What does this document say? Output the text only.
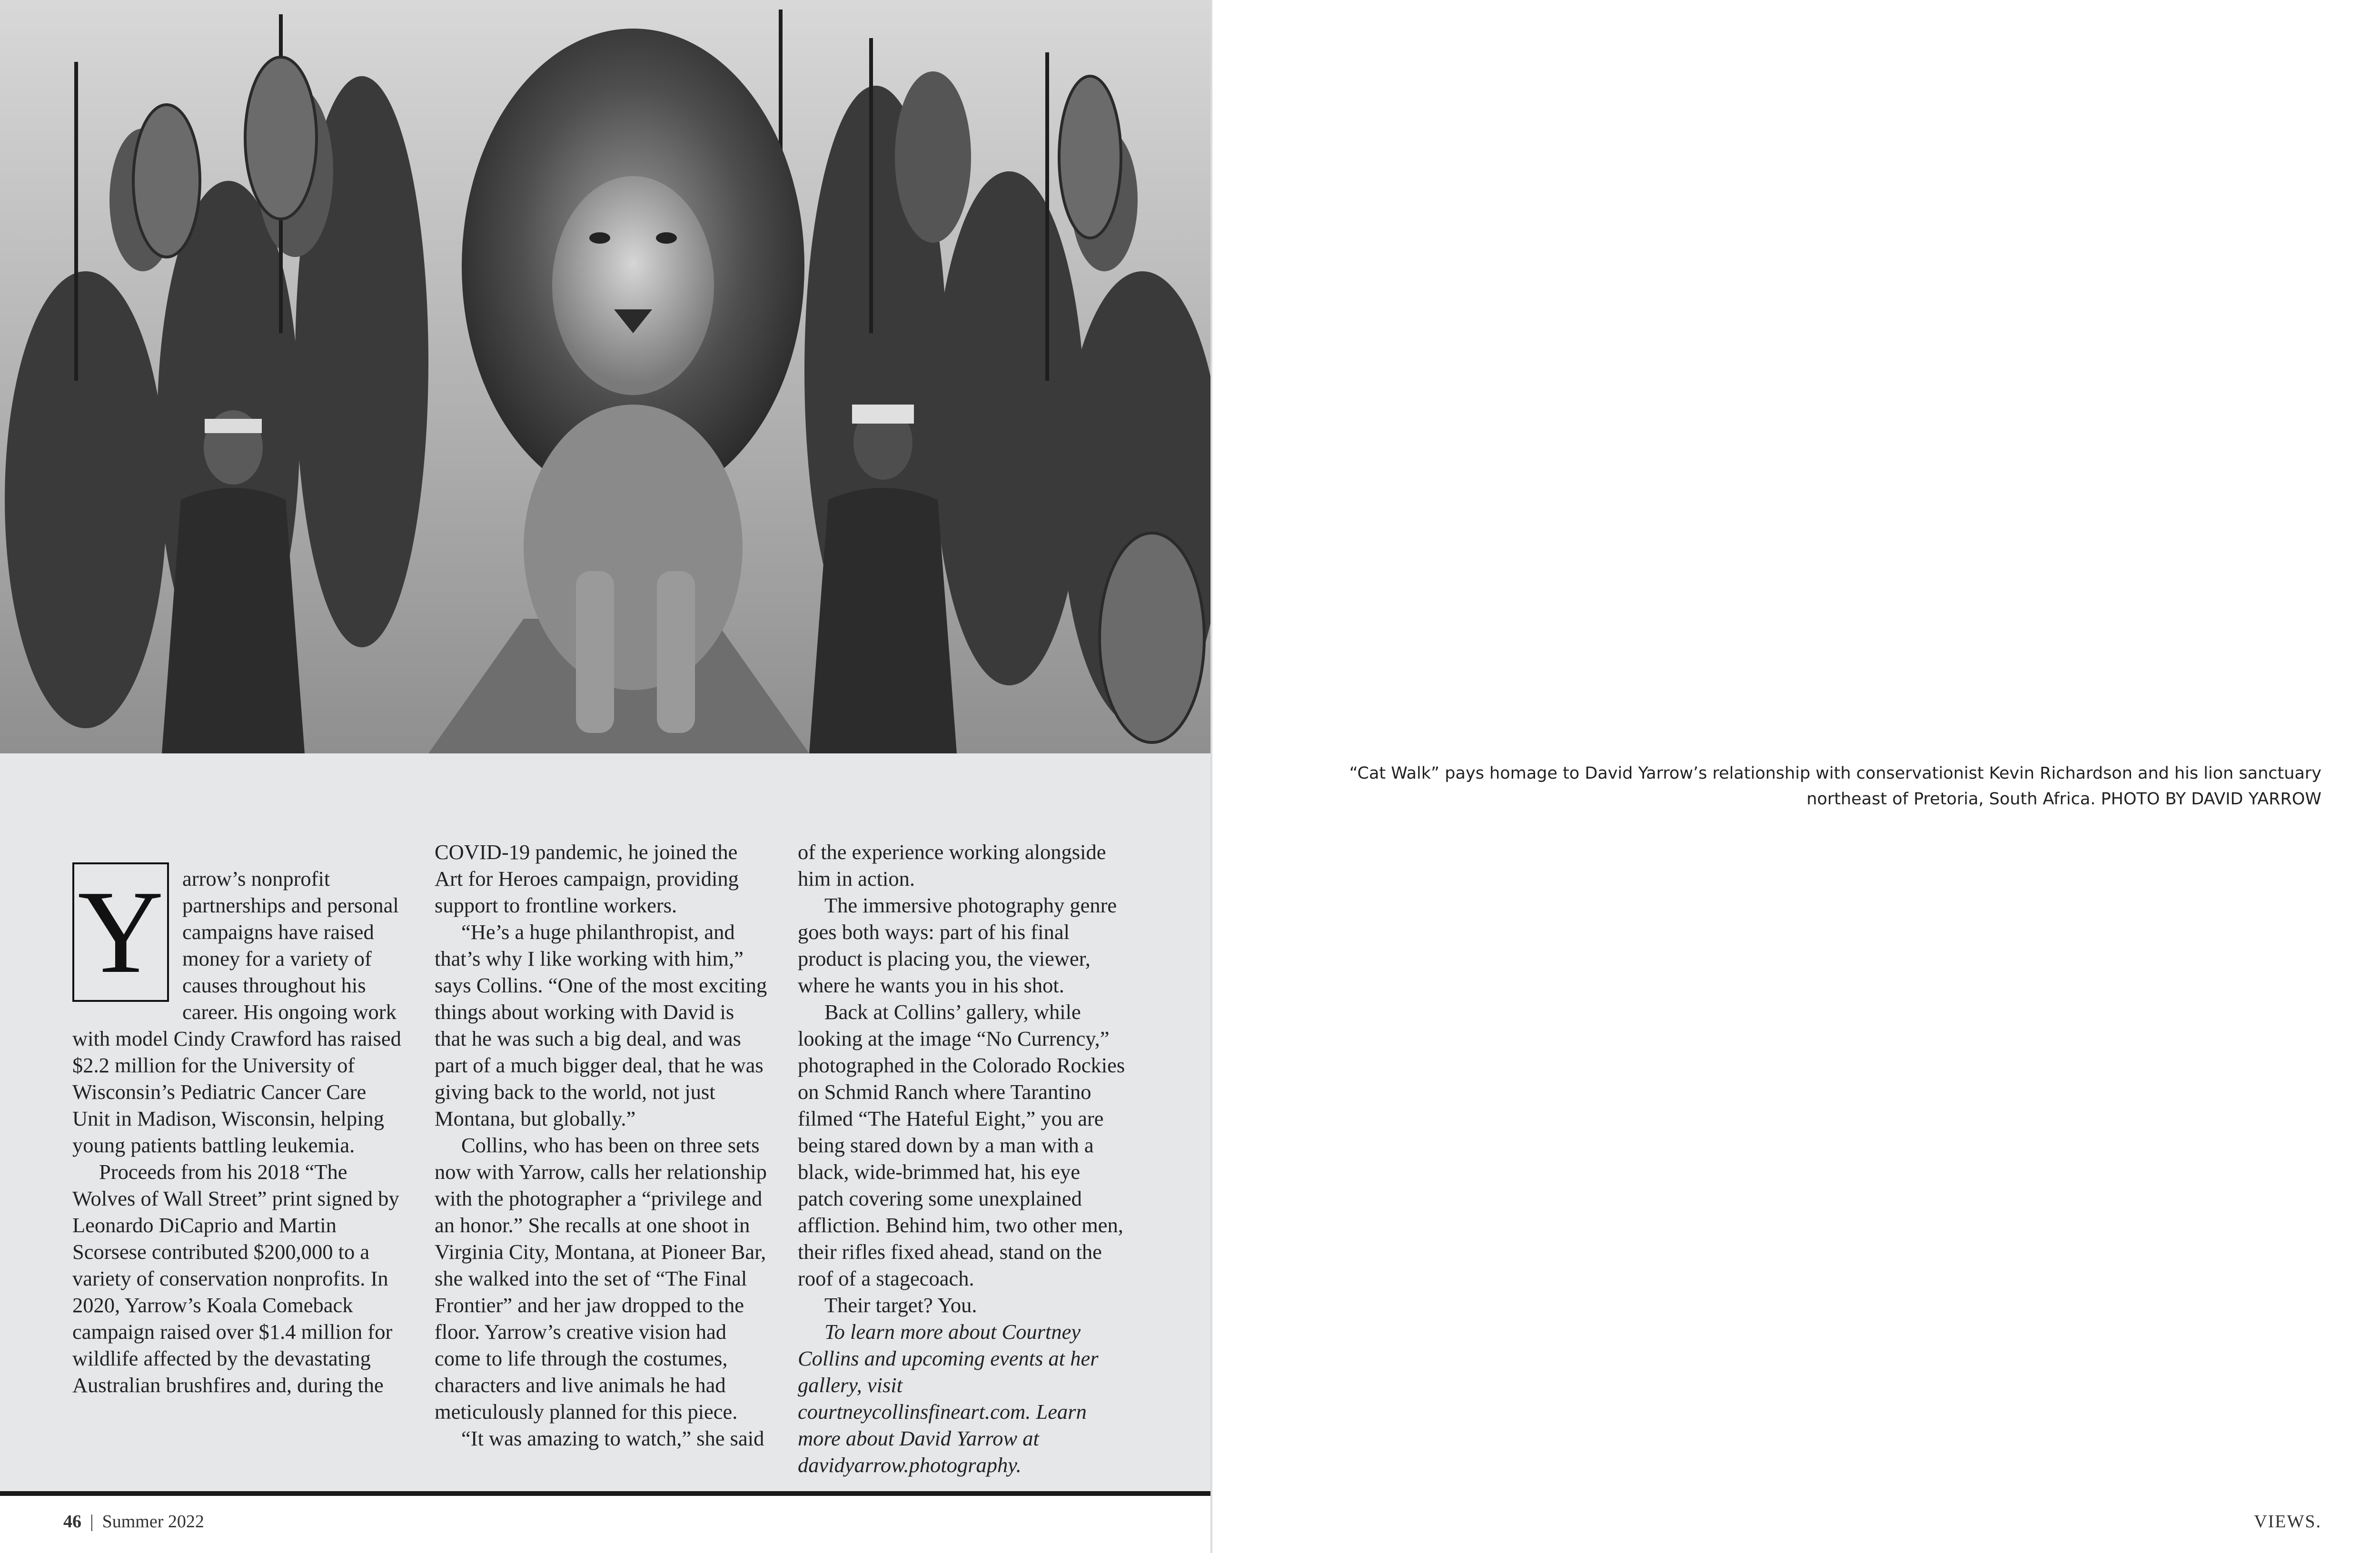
“Cat Walk” pays homage to David Yarrow’s relationship with conservationist Kevin Richardson and his lion sanctuary northeast of Pretoria, South Africa. PHOTO BY DAVID YARROW
Y arrow’s nonprofit partnerships and personal campaigns have raised money for a variety of causes throughout his career. His ongoing work with model Cindy Crawford has raised $2.2 million for the University of Wisconsin’s Pediatric Cancer Care Unit in Madison, Wisconsin, helping young patients battling leukemia.

Proceeds from his 2018 “The Wolves of Wall Street” print signed by Leonardo DiCaprio and Martin Scorsese contributed $200,000 to a variety of conservation nonprofits. In 2020, Yarrow’s Koala Comeback campaign raised over $1.4 million for wildlife affected by the devastating Australian brushfires and, during the

COVID-19 pandemic, he joined the Art for Heroes campaign, providing support to frontline workers.

“He’s a huge philanthropist, and that’s why I like working with him,” says Collins. “One of the most exciting things about working with David is that he was such a big deal, and was part of a much bigger deal, that he was giving back to the world, not just Montana, but globally.”

Collins, who has been on three sets now with Yarrow, calls her relationship with the photographer a “privilege and an honor.” She recalls at one shoot in Virginia City, Montana, at Pioneer Bar, she walked into the set of “The Final Frontier” and her jaw dropped to the floor. Yarrow’s creative vision had come to life through the costumes, characters and live animals he had meticulously planned for this piece.

“It was amazing to watch,” she said

of the experience working alongside him in action.

The immersive photography genre goes both ways: part of his final product is placing you, the viewer, where he wants you in his shot.

Back at Collins’ gallery, while looking at the image “No Currency,” photographed in the Colorado Rockies on Schmid Ranch where Tarantino filmed “The Hateful Eight,” you are being stared down by a man with a black, wide-brimmed hat, his eye patch covering some unexplained affliction. Behind him, two other men, their rifles fixed ahead, stand on the roof of a stagecoach.

Their target? You.

To learn more about Courtney Collins and upcoming events at her gallery, visit courtneycollinsfineart.com. Learn more about David Yarrow at davidyarrow.photography.

46 | Summer 2022	VIEWS.
